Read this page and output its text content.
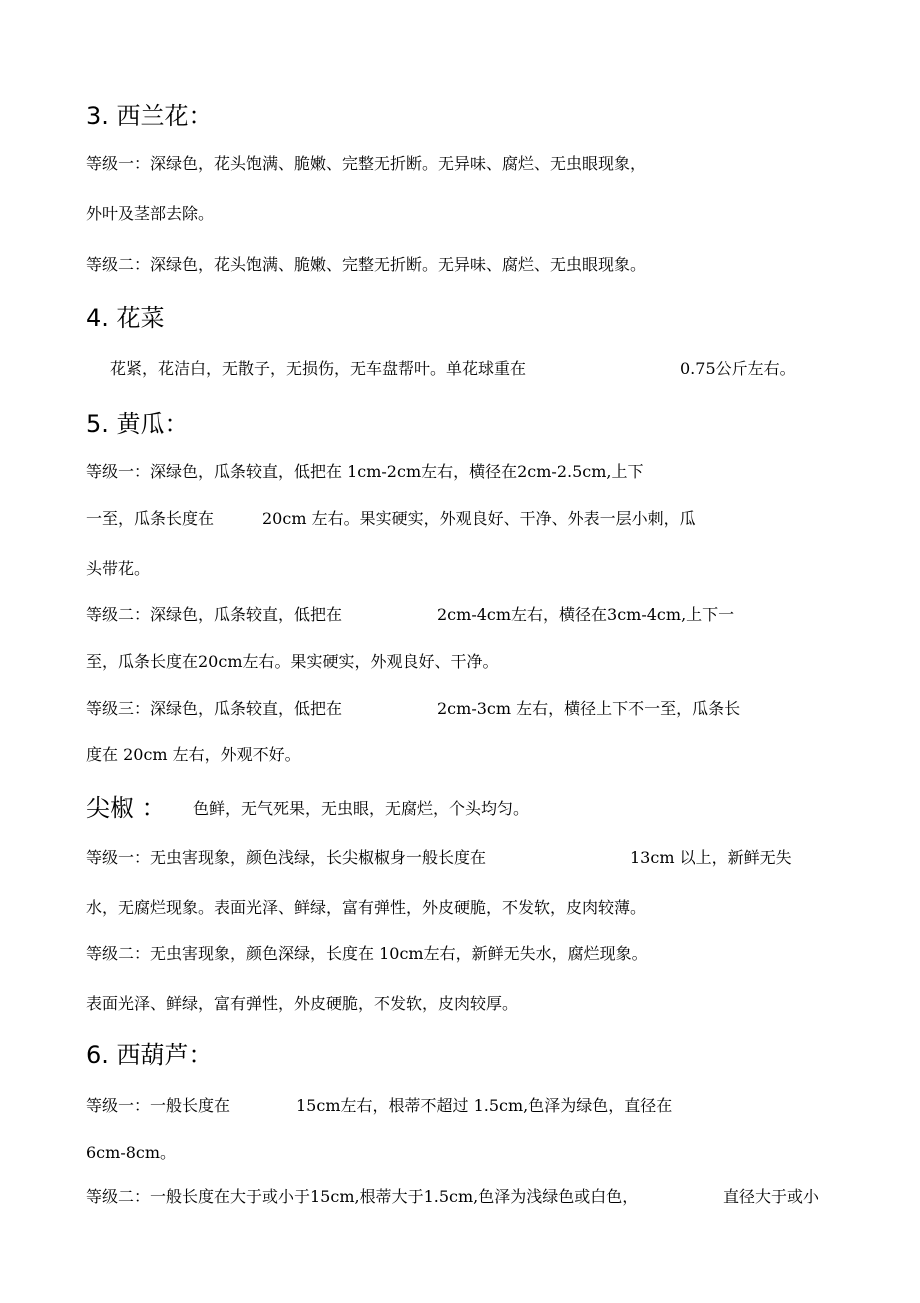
3. 西兰花：
等级一：深绿色，花头饱满、脆嫩、完整无折断。无异味、腐烂、无虫眼现象，
外叶及茎部去除。
等级二：深绿色，花头饱满、脆嫩、完整无折断。无异味、腐烂、无虫眼现象。
4. 花菜
花紧，花洁白，无散子，无损伤，无车盘帮叶。单花球重在	0.75公斤左右。
5. 黄瓜：
等级一：深绿色，瓜条较直，低把在 1cm-2cm左右，横径在2cm-2.5cm,上下
一至，瓜条长度在	20cm 左右。果实硬实，外观良好、干净、外表一层小刺，瓜
头带花。
等级二：深绿色，瓜条较直，低把在	2cm-4cm左右，横径在3cm-4cm,上下一
至，瓜条长度在20cm左右。果实硬实，外观良好、干净。
等级三：深绿色，瓜条较直，低把在	2cm-3cm 左右，横径上下不一至，瓜条长
度在 20cm 左右，外观不好。
尖椒 ： 色鲜，无气死果，无虫眼，无腐烂，个头均匀。
等级一：无虫害现象，颜色浅绿，长尖椒椒身一般长度在	13cm 以上，新鲜无失
水，无腐烂现象。表面光泽、鲜绿，富有弹性，外皮硬脆，不发软，皮肉较薄。
等级二：无虫害现象，颜色深绿，长度在 10cm左右，新鲜无失水，腐烂现象。
表面光泽、鲜绿，富有弹性，外皮硬脆，不发软，皮肉较厚。
6. 西葫芦：
等级一：一般长度在	15cm左右，根蒂不超过 1.5cm,色泽为绿色，直径在
6cm-8cm。
等级二：一般长度在大于或小于15cm,根蒂大于1.5cm,色泽为浅绿色或白色，	直径大于或小
